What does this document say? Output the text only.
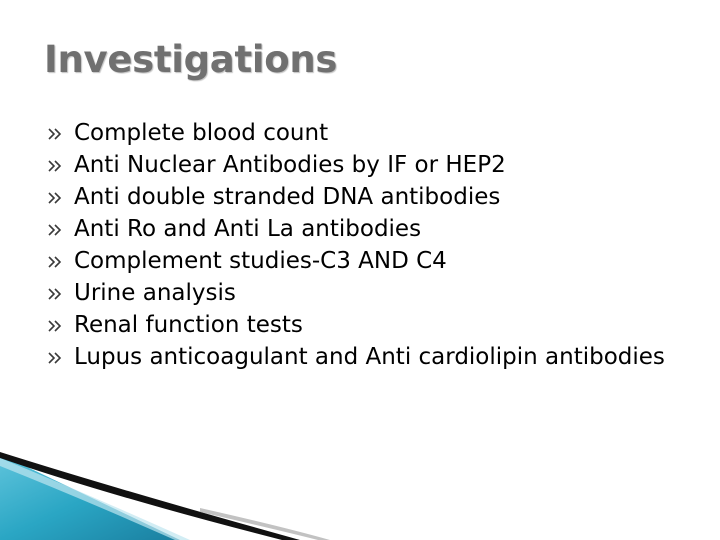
Investigations
Complete blood count
Anti Nuclear Antibodies by IF or HEP2
Anti double stranded DNA antibodies
Anti Ro and Anti La antibodies
Complement studies-C3 AND C4
Urine analysis
Renal function tests
Lupus anticoagulant and Anti cardiolipin antibodies
